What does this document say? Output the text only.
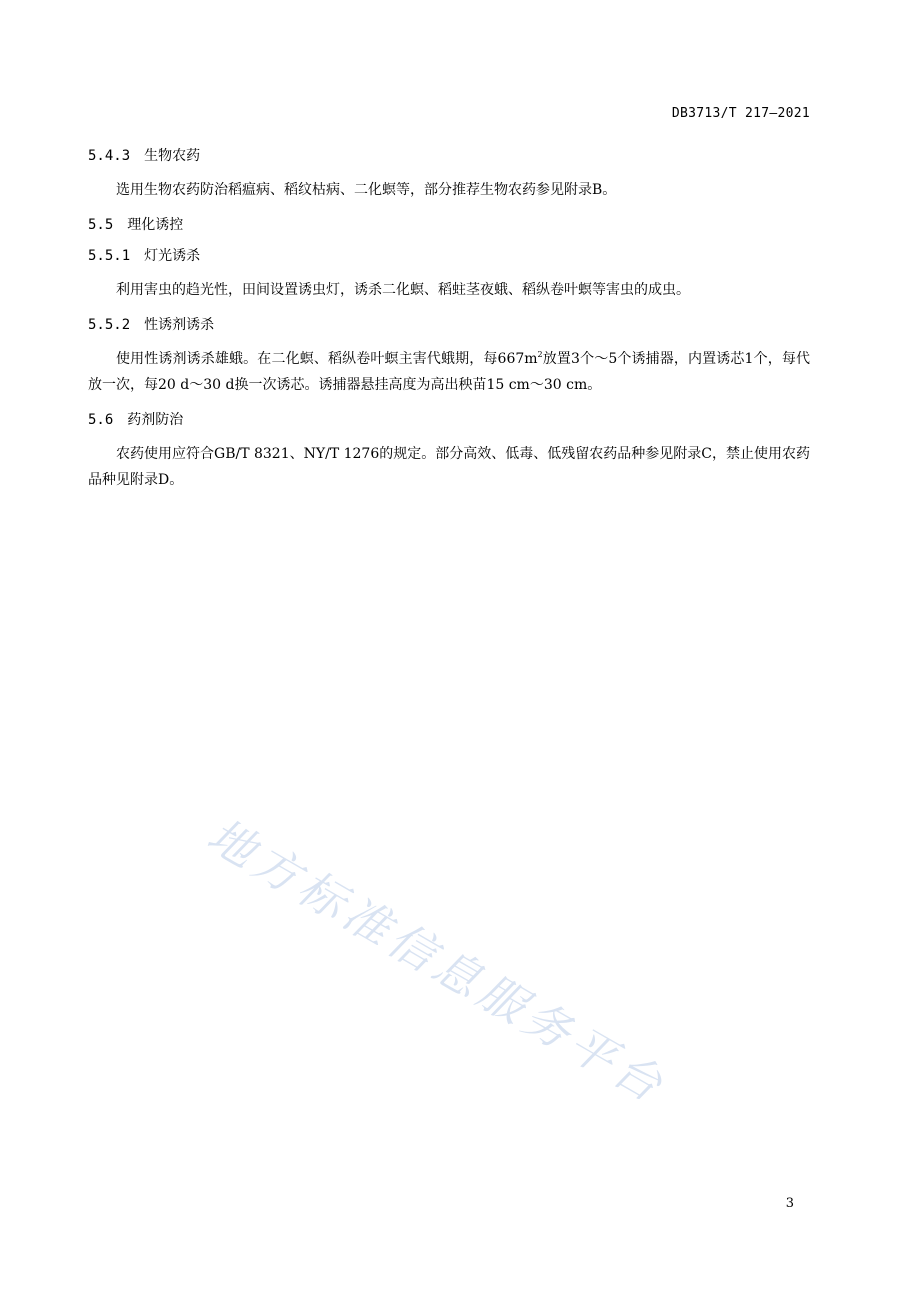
DB3713/T 217—2021
5.4.3 生物农药

选用生物农药防治稻瘟病、稻纹枯病、二化螟等，部分推荐生物农药参见附录B。

5.5 理化诱控
5.5.1 灯光诱杀

利用害虫的趋光性，田间设置诱虫灯，诱杀二化螟、稻蛀茎夜蛾、稻纵卷叶螟等害虫的成虫。

5.5.2 性诱剂诱杀

使用性诱剂诱杀雄蛾。在二化螟、稻纵卷叶螟主害代蛾期，每$667m^2$放置3个～5个诱捕器，内置诱芯1个，每代放一次，每20 d～30 d换一次诱芯。诱捕器悬挂高度为高出秧苗15 cm～30 cm。

5.6 药剂防治

农药使用应符合GB/T 8321、NY/T 1276的规定。部分高效、低毒、低残留农药品种参见附录C，禁止使用农药品种见附录D。

地方标准信息服务平台
3
